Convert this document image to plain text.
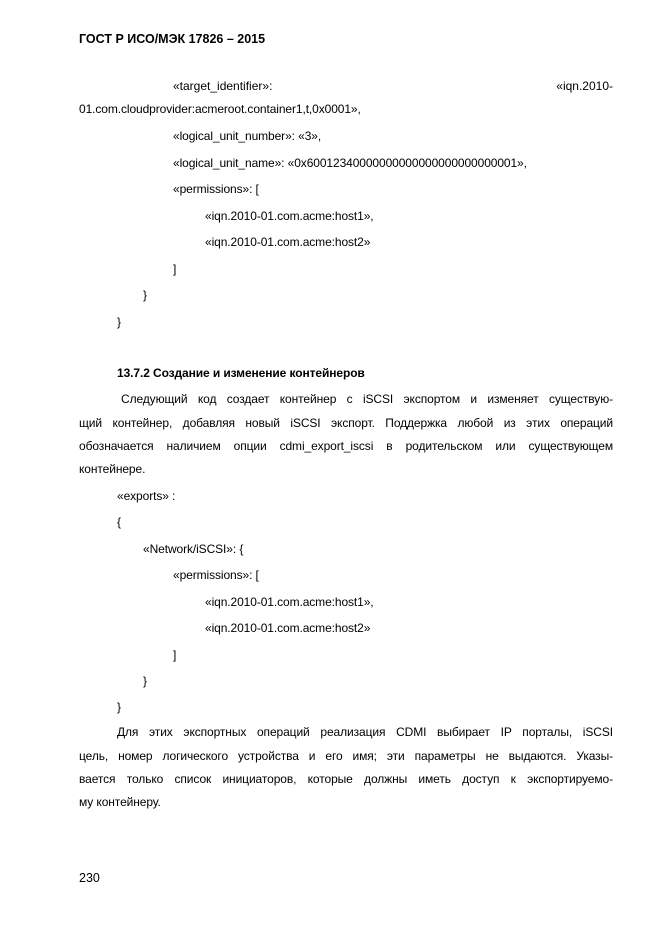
ГОСТ Р ИСО/МЭК 17826 – 2015
«target_identifier»:	«iqn.2010-
01.com.cloudprovider:acmeroot.container1,t,0x0001»,
«logical_unit_number»: «3»,
«logical_unit_name»: «0x60012340000000000000000000000001»,
«permissions»: [
«iqn.2010-01.com.acme:host1»,
«iqn.2010-01.com.acme:host2»
]
}
}
13.7.2 Создание и изменение контейнеров
Следующий код создает контейнер с iSCSI экспортом и изменяет существую-
щий контейнер, добавляя новый iSCSI экспорт. Поддержка любой из этих операций
обозначается наличием опции cdmi_export_iscsi в родительском или существующем
контейнере.
«exports» :
{
«Network/iSCSI»: {
«permissions»: [
«iqn.2010-01.com.acme:host1»,
«iqn.2010-01.com.acme:host2»
]
}
}
Для этих экспортных операций реализация CDMI выбирает IP порталы, iSCSI
цель, номер логического устройства и его имя; эти параметры не выдаются. Указы-
вается только список инициаторов, которые должны иметь доступ к экспортируемо-
му контейнеру.
230
